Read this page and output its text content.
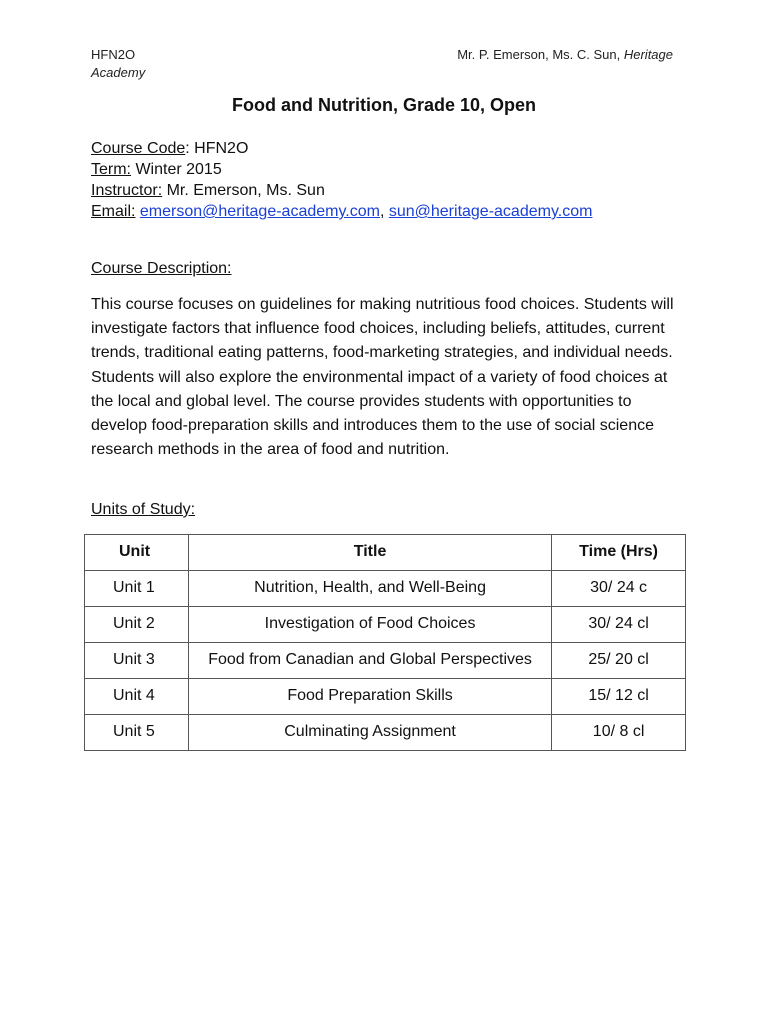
HFN2O
Academy
Mr. P. Emerson, Ms. C. Sun, Heritage
Food and Nutrition, Grade 10, Open
Course Code: HFN2O
Term: Winter 2015
Instructor: Mr. Emerson, Ms. Sun
Email: emerson@heritage-academy.com, sun@heritage-academy.com
Course Description:
This course focuses on guidelines for making nutritious food choices. Students will investigate factors that influence food choices, including beliefs, attitudes, current trends, traditional eating patterns, food-marketing strategies, and individual needs. Students will also explore the environmental impact of a variety of food choices at the local and global level. The course provides students with opportunities to develop food-preparation skills and introduces them to the use of social science research methods in the area of food and nutrition.
Units of Study:
Unit	Title	Time (Hrs)
Unit 1	Nutrition, Health, and Well-Being	30/ 24 c
Unit 2	Investigation of Food Choices	30/ 24 cl
Unit 3	Food from Canadian and Global Perspectives	25/ 20 cl
Unit 4	Food Preparation Skills	15/ 12 cl
Unit 5	Culminating Assignment	10/ 8 cl
